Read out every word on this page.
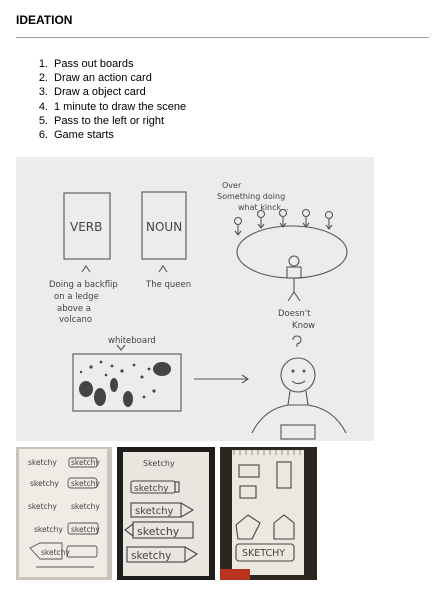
IDEATION
1. Pass out boards
2. Draw an action card
3. Draw a object card
4. 1 minute to draw the scene
5. Pass to the left or right
6. Game starts
VERB	NOUN
Doing a backflip
on a ledge
above a
volcano
The queen
Over
Something doing
what kinck...
Doesn't
Know
whiteboard
sketchy sketchy
sketchy sketchy
sketchy sketchy
sketchy sketchy
sketchy
Sketchy
sketchy
sketchy
sketchy
sketchy	SKETCHY
